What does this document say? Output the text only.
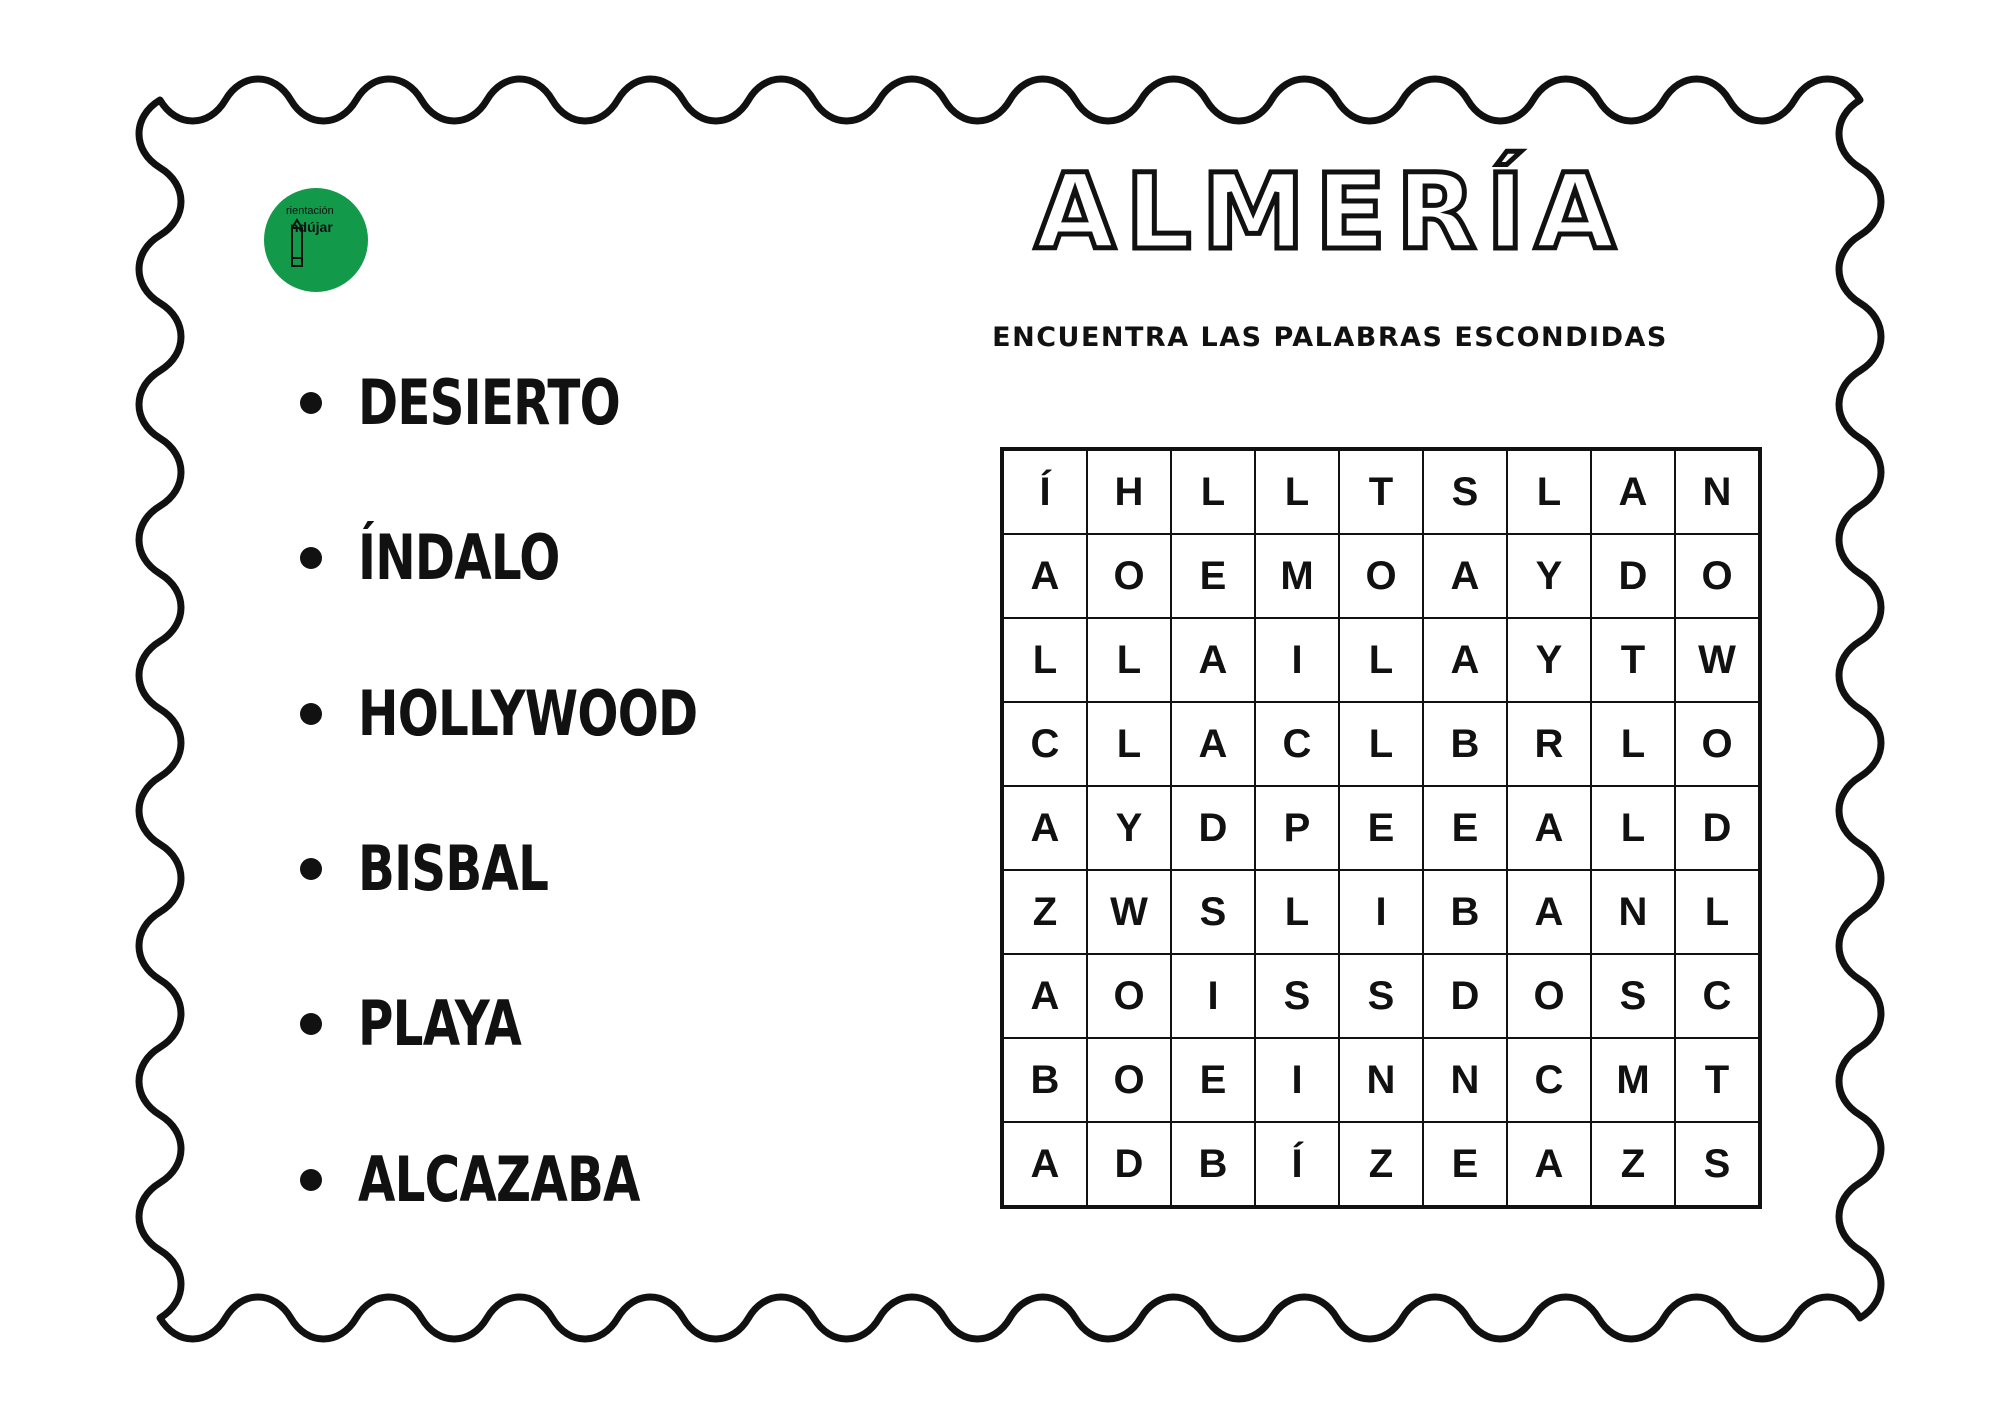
rientación
ndújar	ALMERÍA
ENCUENTRA LAS PALABRAS ESCONDIDAS
DESIERTO
ÍNDALO
HOLLYWOOD
BISBAL
PLAYA
ALCAZABA
Í	H	L	L	T	S	L	A	N
A	O	E	M	O	A	Y	D	O
L	L	A	I	L	A	Y	T	W
C	L	A	C	L	B	R	L	O
A	Y	D	P	E	E	A	L	D
Z	W	S	L	I	B	A	N	L
A	O	I	S	S	D	O	S	C
B	O	E	I	N	N	C	M	T
A	D	B	Í	Z	E	A	Z	S
